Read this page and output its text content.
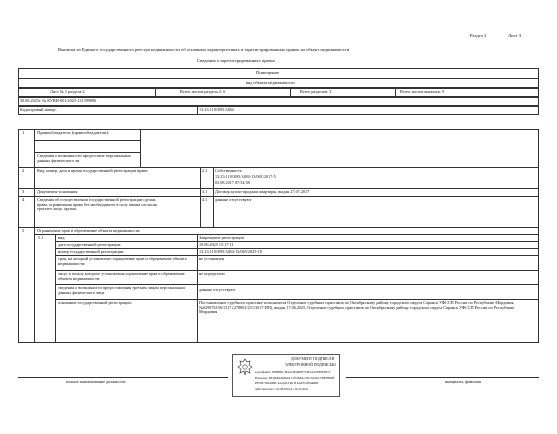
Раздел 2	Лист 3
Выписка из Единого государственного реестра недвижимости об основных характеристиках и зарегистрированных правах на объект недвижимости
Сведения о зарегистрированных правах
Помещение
вид объекта недвижимости
Лист № 1 раздела 2	Всего листов раздела 2: 6	Всего разделов: 3	Всего листов выписки: 9
30.06.2025г. № КУВИ-001/2025-131399896
Кадастровый номер:	13:23:1101095:3484
1	Правообладатель (правообладатели):
Сведения о возможности предоставле персональных данных физического ли
2	Вид, номер, дата и время государственной регистрации права:	2.1 Собственность
13:23:1101095:3484-13/001/2017-5
03.08.2017 07:54:58
3	Документы-основания	3.1 Договор купли-продажи квартиры, выдан 27.07.2017
4	Сведения об осуществлении государственной регистрации сделки, права, ограничения права без необходимого в силу закона согласия третьего лица, органа:
4.1 данные отсутствуют
5	Ограничение прав и обременение объекта недвижимости:
5.1	вид:	Запрещение регистрации
дата государственной регистрации:	19.06.2025 15:17:11
номер государственной регистрации:	13:23:1101095:3484-13/065/2025-18
срок, на который установлено ограничение прав и обременение объекта недвижимости:
не установлен
лицо, в пользу которого установлены ограничение прав и обременение объекта недвижимости:
не определено
сведения о возможности предоставления третьим лицам персональных данных физического лица
данные отсутствуют
основание государственной регистрации:	Постановление судебного пристава-исполнителя Отделение судебных приставов по Октябрьскому району городского округа Саранск УФССП России по Республике Мордовия, №629876196/1317 (278801/25/13017-ИП), выдан 17.06.2025, Отделение судебных приставов по Октябрьскому району городского округа Саранск УФССП России по Республике Мордовия
полное наименование должности	инициалы, фамилия
ДОКУМЕНТ ПОДПИСАН
ЭЛЕКТРОННОЙ ПОДПИСЬЮ
Сертификат: 00F8BDC38A4C6D4B9F7C0E2A1D9B3F6E72
Владелец: ФЕДЕРАЛЬНАЯ СЛУЖБА ГОСУДАРСТВЕННОЙ
РЕГИСТРАЦИИ, КАДАСТРА И КАРТОГРАФИИ
Действителен: с 02.08.2024 по 26.10.2025
